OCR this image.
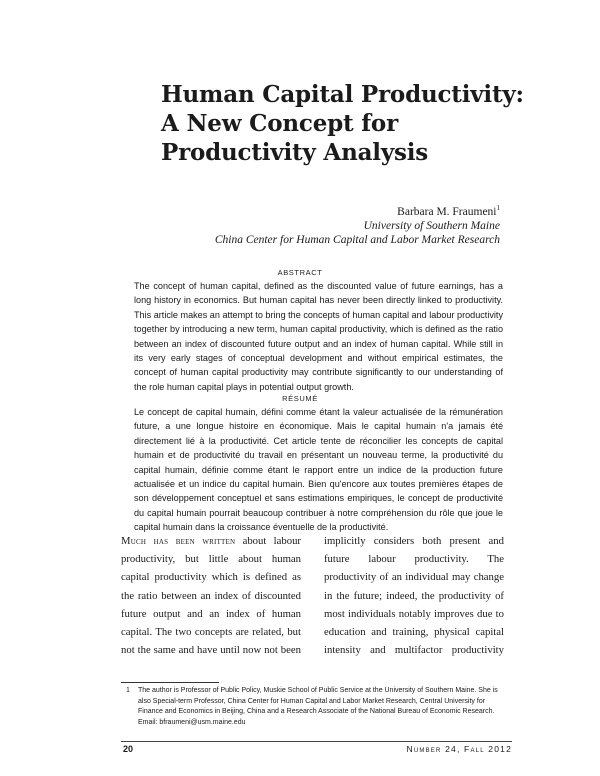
Human Capital Productivity:
A New Concept for
Productivity Analysis
Barbara M. Fraumeni$^1$
University of Southern Maine
China Center for Human Capital and Labor Market Research
ABSTRACT

The concept of human capital, defined as the discounted value of future earnings, has a long history in economics. But human capital has never been directly linked to productivity. This article makes an attempt to bring the concepts of human capital and labour productivity together by introducing a new term, human capital productivity, which is defined as the ratio between an index of discounted future output and an index of human capital. While still in its very early stages of conceptual development and without empirical estimates, the concept of human capital productivity may contribute significantly to our understanding of the role human capital plays in potential output growth.

RÉSUMÉ

Le concept de capital humain, défini comme étant la valeur actualisée de la rémunération future, a une longue histoire en économique. Mais le capital humain n'a jamais été directement lié à la productivité. Cet article tente de réconcilier les concepts de capital humain et de productivité du travail en présentant un nouveau terme, la productivité du capital humain, définie comme étant le rapport entre un indice de la production future actualisée et un indice du capital humain. Bien qu'encore aux toutes premières étapes de son développement conceptuel et sans estimations empiriques, le concept de productivité du capital humain pourrait beaucoup contribuer à notre compréhension du rôle que joue le capital humain dans la croissance éventuelle de la productivité.

Much has been written about labour productivity, but little about human capital productivity which is defined as the ratio between an index of discounted future output and an index of human capital. The two concepts are related, but not the same and have until now not been

implicitly considers both present and future labour productivity. The productivity of an individual may change in the future; indeed, the productivity of most individuals notably improves due to education and training, physical capital intensity and multifactor productivity

1	The author is Professor of Public Policy, Muskie School of Public Service at the University of Southern Maine. She is also Special-term Professor, China Center for Human Capital and Labor Market Research, Central University for Finance and Economics in Beijing, China and a Research Associate of the National Bureau of Economic Research. Email: bfraumeni@usm.maine.edu

20	Number 24, Fall 2012
